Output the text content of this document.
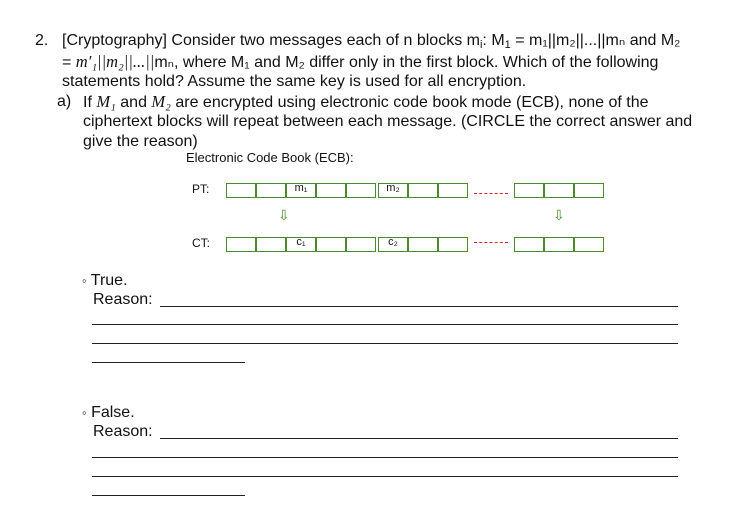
2. [Cryptography] Consider two messages each of n blocks mi: M1 = m₁||m₂||...||mₙ and M₂
= m′₁||m₂||...||mₙ, where M₁ and M₂ differ only in the first block. Which of the following
statements hold? Assume the same key is used for all encryption.
a) If M₁ and M₂ are encrypted using electronic code book mode (ECB), none of the
ciphertext blocks will repeat between each message. (CIRCLE the correct answer and
give the reason)
Electronic Code Book (ECB):
PT:
CT:
m₁	m₂
⇩	⇩
c₁	c₂
◦ True.
Reason:
◦ False.
Reason:
